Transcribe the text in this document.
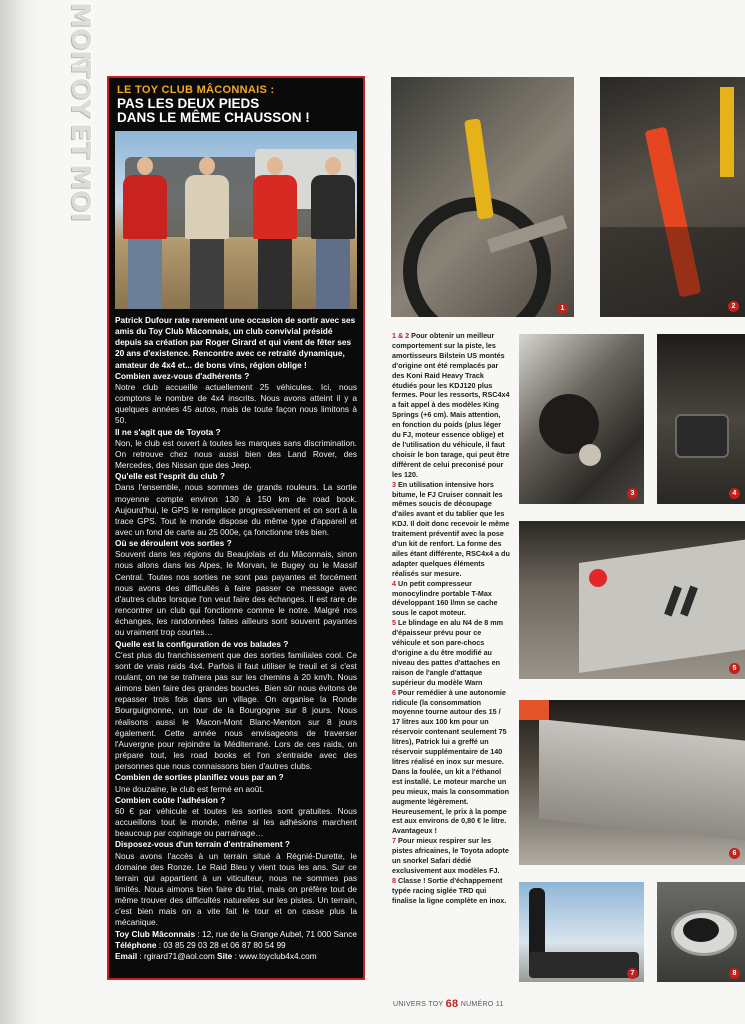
MON
TOY
ET
MOI
LE TOY CLUB MÂCONNAIS :
PAS LES DEUX PIEDS
DANS LE MÊME CHAUSSON !

Patrick Dufour rate rarement une occasion de sortir avec ses amis du Toy Club Mâconnais, un club convivial présidé depuis sa création par Roger Girard et qui vient de fêter ses 20 ans d'existence. Rencontre avec ce retraité dynamique, amateur de 4x4 et... de bons vins, région oblige !

Combien avez-vous d'adhérents ?

Notre club accueille actuellement 25 véhicules. Ici, nous comptons le nombre de 4x4 inscrits. Nous avons atteint il y a quelques années 45 autos, mais de toute façon nous limitons à 50.

Il ne s'agit que de Toyota ?

Non, le club est ouvert à toutes les marques sans discrimination. On retrouve chez nous aussi bien des Land Rover, des Mercedes, des Nissan que des Jeep.

Qu'elle est l'esprit du club ?

Dans l'ensemble, nous sommes de grands rouleurs. La sortie moyenne compte environ 130 à 150 km de road book. Aujourd'hui, le GPS le remplace progressivement et on sort à la trace GPS. Tout le monde dispose du même type d'appareil et avec un fond de carte au 25 000e, ça fonctionne très bien.

Où se déroulent vos sorties ?

Souvent dans les régions du Beaujolais et du Mâconnais, sinon nous allons dans les Alpes, le Morvan, le Bugey ou le Massif Central. Toutes nos sorties ne sont pas payantes et forcément nous avons des difficultés à faire passer ce message avec d'autres clubs lorsque l'on veut faire des échanges. Il est rare de rencontrer un club qui fonctionne comme le notre. Malgré nos échanges, les randonnées faites ailleurs sont souvent payantes ou vraiment trop courtes…

Quelle est la configuration de vos balades ?

C'est plus du franchissement que des sorties familiales cool. Ce sont de vrais raids 4x4. Parfois il faut utiliser le treuil et si c'est roulant, on ne se traînera pas sur les chemins à 20 km/h. Nous aimons bien faire des grandes boucles. Bien sûr nous évitons de repasser trois fois dans un village. On organise la Ronde Bourguignonne, un tour de la Bourgogne sur 8 jours. Nous réalisons aussi le Macon-Mont Blanc-Menton sur 8 jours également. Cette année nous envisageons de traverser l'Auvergne pour rejoindre la Méditerrané. Lors de ces raids, on prépare tout, les road books et l'on s'entraide avec des personnes que nous connaissons bien d'autres clubs.

Combien de sorties planifiez vous par an ?

Une douzaine, le club est fermé en août.

Combien coûte l'adhésion ?

60 € par véhicule et toutes les sorties sont gratuites. Nous accueillons tout le monde, même si les adhésions marchent beaucoup par copinage ou parrainage…

Disposez-vous d'un terrain d'entraînement ?

Nous avons l'accès à un terrain situé à Régnié-Durette, le domaine des Ronze. Le Raid Bleu y vient tous les ans. Sur ce terrain qui appartient à un viticulteur, nous ne sommes pas limités. Nous aimons bien faire du trial, mais on préfère tout de même trouver des difficultés naturelles sur les pistes. Un terrain, c'est bien mais on a vite fait le tour et on casse plus la mécanique.

Toy Club Mâconnais : 12, rue de la Grange Aubel, 71 000 Sance

Téléphone : 03 85 29 03 28 et 06 87 80 54 99

Email : rgirard71@aol.com Site : www.toyclub4x4.com

1	2
3	4
5
6
7	8

1 & 2 Pour obtenir un meilleur comportement sur la piste, les amortisseurs Bilstein US montés d'origine ont été remplacés par des Koni Raid Heavy Track étudiés pour les KDJ120 plus fermes. Pour les ressorts, RSC4x4 a fait appel à des modèles King Springs (+6 cm). Mais attention, en fonction du poids (plus léger du FJ, moteur essence oblige) et de l'utilisation du véhicule, il faut choisir le bon tarage, qui peut être différent de celui preconisé pour les 120.

3 En utilisation intensive hors bitume, le FJ Cruiser connait les mêmes soucis de découpage d'ailes avant et du tablier que les KDJ. Il doit donc recevoir le même traitement préventif avec la pose d'un kit de renfort. La forme des ailes étant différente, RSC4x4 a du adapter quelques éléments réalisés sur mesure.

4 Un petit compresseur monocylindre portable T-Max développant 160 l/mn se cache sous le capot moteur.

5 Le blindage en alu N4 de 8 mm d'épaisseur prévu pour ce véhicule et son pare-chocs d'origine a du être modifié au niveau des pattes d'attaches en raison de l'angle d'attaque supérieur du modèle Warn

6 Pour remédier à une autonomie ridicule (la consommation moyenne tourne autour des 15 / 17 litres aux 100 km pour un réservoir contenant seulement 75 litres), Patrick lui a greffé un réservoir supplémentaire de 140 litres réalisé en inox sur mesure. Dans la foulée, un kit a l'éthanol est installé. Le moteur marche un peu mieux, mais la consommation augmente légèrement. Heureusement, le prix à la pompe est aux environs de 0,80 € le litre. Avantageux !

7 Pour mieux respirer sur les pistes africaines, le Toyota adopte un snorkel Safari dédié exclusivement aux modèles FJ.

8 Classe ! Sortie d'échappement typée racing siglée TRD qui finalise la ligne complète en inox.

UNIVERS TOY 68 NUMÉRO 11
